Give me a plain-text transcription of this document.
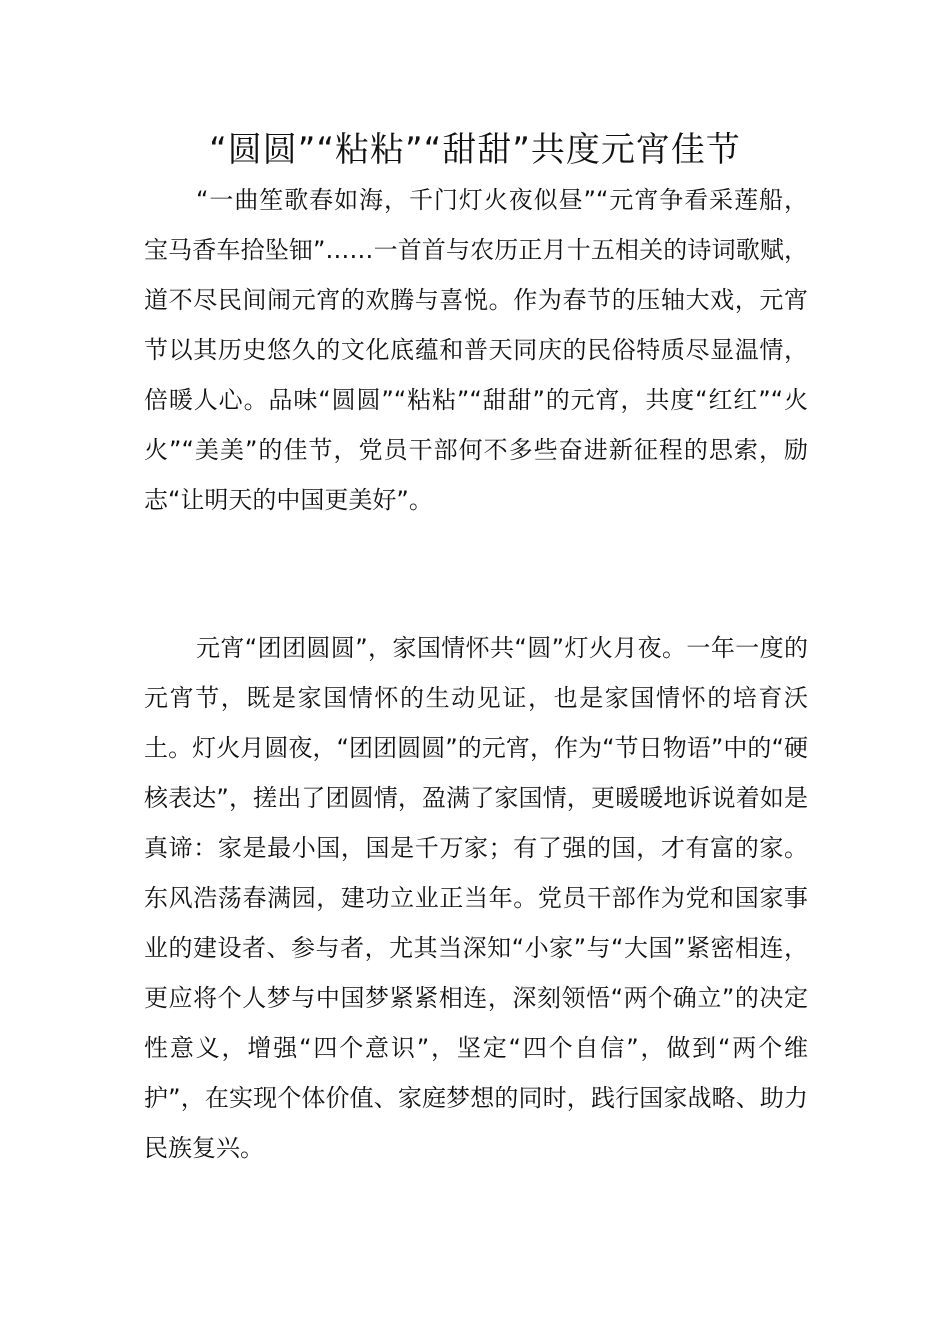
“圆圆”“粘粘”“甜甜”共度元宵佳节

“一曲笙歌春如海，千门灯火夜似昼”“元宵争看采莲船，宝马香车拾坠钿”……一首首与农历正月十五相关的诗词歌赋，道不尽民间闹元宵的欢腾与喜悦。作为春节的压轴大戏，元宵节以其历史悠久的文化底蕴和普天同庆的民俗特质尽显温情，倍暖人心。品味“圆圆”“粘粘”“甜甜”的元宵，共度“红红”“火火”“美美”的佳节，党员干部何不多些奋进新征程的思索，励志“让明天的中国更美好”。

元宵“团团圆圆”，家国情怀共“圆”灯火月夜。一年一度的元宵节，既是家国情怀的生动见证，也是家国情怀的培育沃土。灯火月圆夜，“团团圆圆”的元宵，作为“节日物语”中的“硬核表达”，搓出了团圆情，盈满了家国情，更暖暖地诉说着如是真谛：家是最小国，国是千万家；有了强的国，才有富的家。东风浩荡春满园，建功立业正当年。党员干部作为党和国家事业的建设者、参与者，尤其当深知“小家”与“大国”紧密相连，更应将个人梦与中国梦紧紧相连，深刻领悟“两个确立”的决定性意义，增强“四个意识”，坚定“四个自信”，做到“两个维护”，在实现个体价值、家庭梦想的同时，践行国家战略、助力民族复兴。
